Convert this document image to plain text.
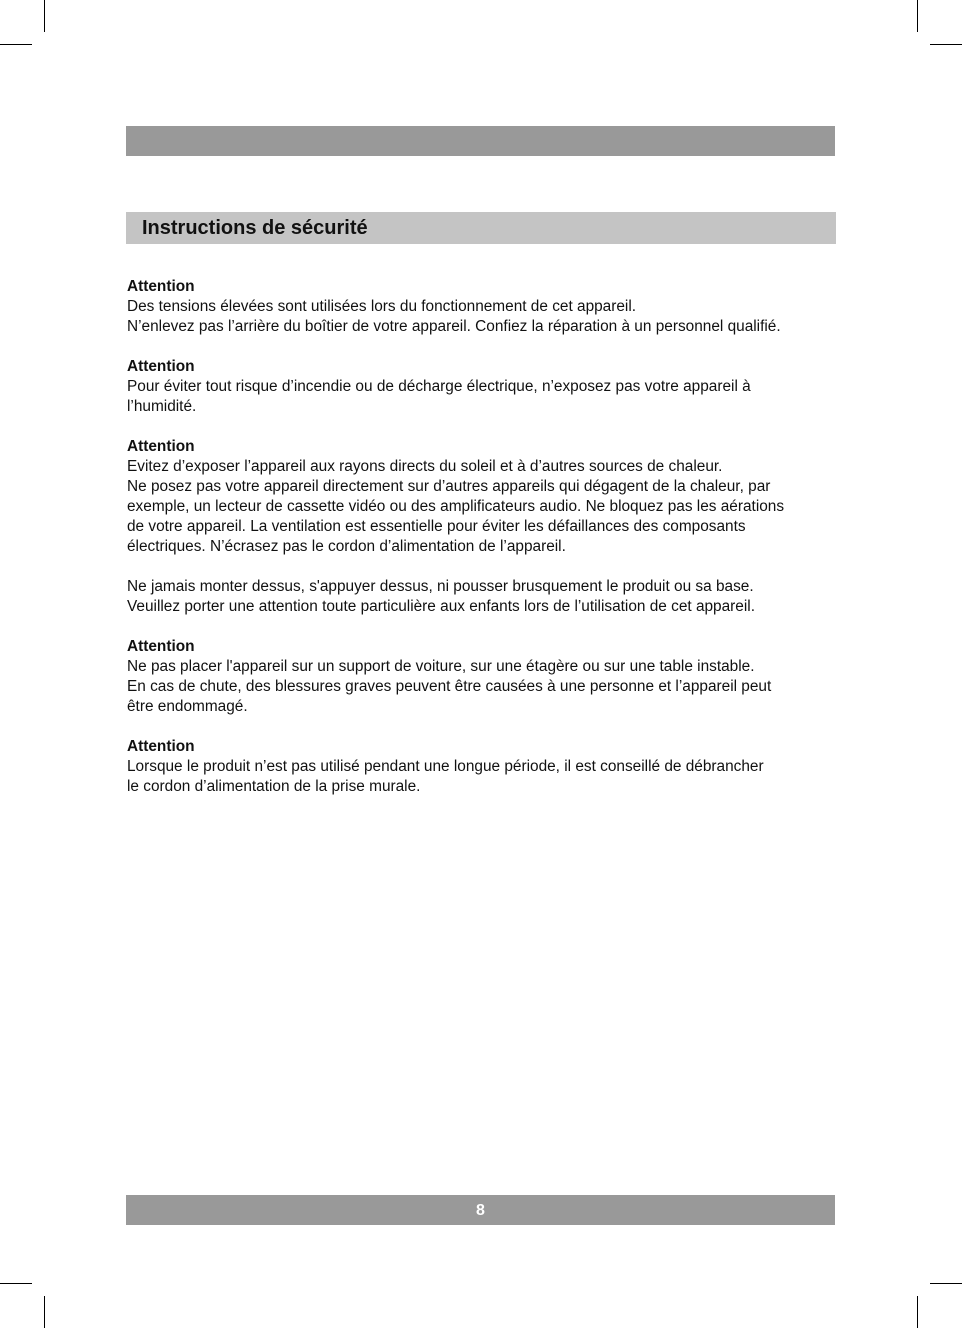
Instructions de sécurité
Attention
Des tensions élevées sont utilisées lors du fonctionnement de cet appareil.
N’enlevez pas l’arrière du boîtier de votre appareil. Confiez la réparation à un personnel qualifié.
Attention
Pour éviter tout risque d’incendie ou de décharge électrique, n’exposez pas votre appareil à
l’humidité.
Attention
Evitez d’exposer l’appareil aux rayons directs du soleil et à d’autres sources de chaleur.
Ne posez pas votre appareil directement sur d’autres appareils qui dégagent de la chaleur, par
exemple, un lecteur de cassette vidéo ou des amplificateurs audio. Ne bloquez pas les aérations
de votre appareil. La ventilation est essentielle pour éviter les défaillances des composants
électriques. N’écrasez pas le cordon d’alimentation de l’appareil.
Ne jamais monter dessus, s'appuyer dessus, ni pousser brusquement le produit ou sa base.
Veuillez porter une attention toute particulière aux enfants lors de l’utilisation de cet appareil.
Attention
Ne pas placer l'appareil sur un support de voiture, sur une étagère ou sur une table instable.
En cas de chute, des blessures graves peuvent être causées à une personne et l’appareil peut
être endommagé.
Attention
Lorsque le produit n’est pas utilisé pendant une longue période, il est conseillé de débrancher
le cordon d’alimentation de la prise murale.
8
